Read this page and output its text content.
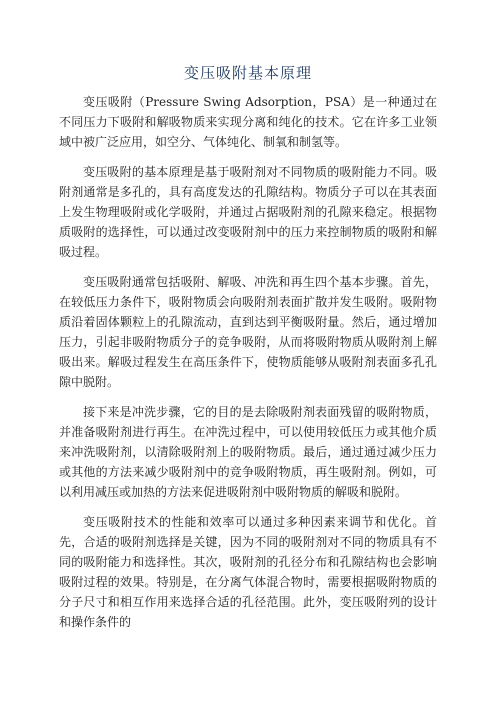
变压吸附基本原理

变压吸附（Pressure Swing Adsorption，PSA）是一种通过在不同压力下吸附和解吸物质来实现分离和纯化的技术。它在许多工业领域中被广泛应用，如空分、气体纯化、制氧和制氢等。

变压吸附的基本原理是基于吸附剂对不同物质的吸附能力不同。吸附剂通常是多孔的，具有高度发达的孔隙结构。物质分子可以在其表面上发生物理吸附或化学吸附，并通过占据吸附剂的孔隙来稳定。根据物质吸附的选择性，可以通过改变吸附剂中的压力来控制物质的吸附和解吸过程。

变压吸附通常包括吸附、解吸、冲洗和再生四个基本步骤。首先，在较低压力条件下，吸附物质会向吸附剂表面扩散并发生吸附。吸附物质沿着固体颗粒上的孔隙流动，直到达到平衡吸附量。然后，通过增加压力，引起非吸附物质分子的竞争吸附，从而将吸附物质从吸附剂上解吸出来。解吸过程发生在高压条件下，使物质能够从吸附剂表面多孔孔隙中脱附。

接下来是冲洗步骤，它的目的是去除吸附剂表面残留的吸附物质，并准备吸附剂进行再生。在冲洗过程中，可以使用较低压力或其他介质来冲洗吸附剂，以清除吸附剂上的吸附物质。最后，通过通过减少压力或其他的方法来减少吸附剂中的竞争吸附物质，再生吸附剂。例如，可以利用减压或加热的方法来促进吸附剂中吸附物质的解吸和脱附。

变压吸附技术的性能和效率可以通过多种因素来调节和优化。首先，合适的吸附剂选择是关键，因为不同的吸附剂对不同的物质具有不同的吸附能力和选择性。其次，吸附剂的孔径分布和孔隙结构也会影响吸附过程的效果。特别是，在分离气体混合物时，需要根据吸附物质的分子尺寸和相互作用来选择合适的孔径范围。此外，变压吸附列的设计和操作条件的
